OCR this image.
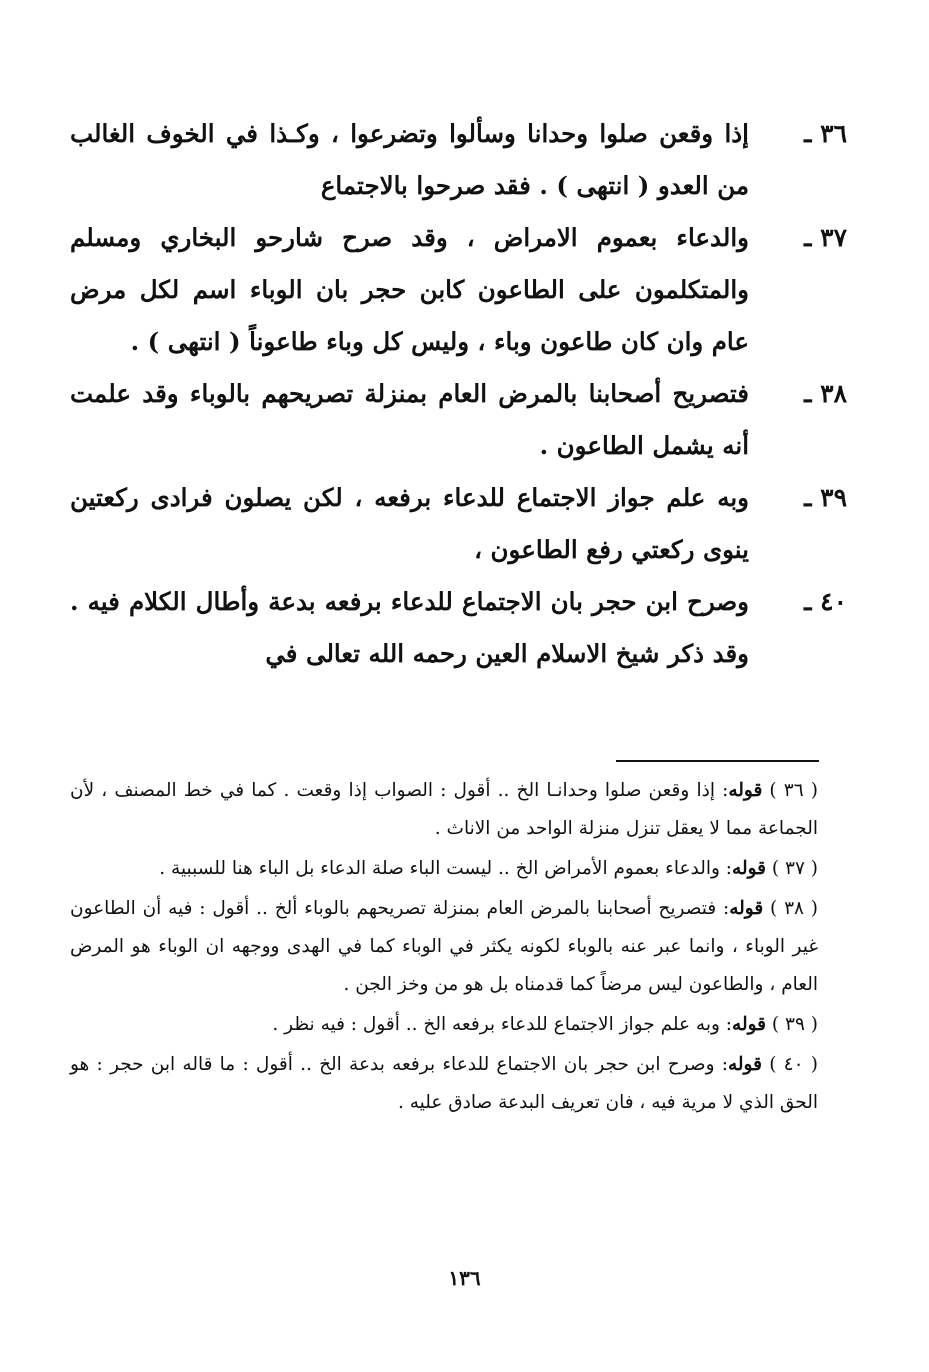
٣٦ ـ
إذا وقعن صلوا وحدانا وسألوا وتضرعوا ، وكـذا في الخوف الغالب من العدو ( انتهى ) . فقد صرحوا بالاجتماع
٣٧ ـ
والدعاء بعموم الامراض ، وقد صرح شارحو البخاري ومسلم والمتكلمون على الطاعون كابن حجر بان الوباء اسم لكل مرض عام وان كان طاعون وباء ، وليس كل وباء طاعوناً ( انتهى ) .
٣٨ ـ
فتصريح أصحابنا بالمرض العام بمنزلة تصريحهم بالوباء وقد علمت أنه يشمل الطاعون .
٣٩ ـ
وبه علم جواز الاجتماع للدعاء برفعه ، لكن يصلون فرادى ركعتين ينوى ركعتي رفع الطاعون ،
٤٠ ـ
وصرح ابن حجر بان الاجتماع للدعاء برفعه بدعة وأطال الكلام فيه . وقد ذكر شيخ الاسلام العين رحمه الله تعالى في
( ٣٦ ) قوله: إذا وقعن صلوا وحدانـا الخ .. أقول : الصواب إذا وقعت . كما في خط المصنف ، لأن الجماعة مما لا يعقل تنزل منزلة الواحد من الاناث .
( ٣٧ ) قوله: والدعاء بعموم الأمراض الخ .. ليست الباء صلة الدعاء بل الباء هنا للسببية .
( ٣٨ ) قوله: فتصريح أصحابنا بالمرض العام بمنزلة تصريحهم بالوباء ألخ .. أقول : فيه أن الطاعون غير الوباء ، وانما عبر عنه بالوباء لكونه يكثر في الوباء كما في الهدى ووجهه ان الوباء هو المرض العام ، والطاعون ليس مرضاً كما قدمناه بل هو من وخز الجن .
( ٣٩ ) قوله: وبه علم جواز الاجتماع للدعاء برفعه الخ .. أقول : فيه نظر .
( ٤٠ ) قوله: وصرح ابن حجر بان الاجتماع للدعاء برفعه بدعة الخ .. أقول : ما قاله ابن حجر : هو الحق الذي لا مرية فيه ، فان تعريف البدعة صادق عليه .
١٣٦
